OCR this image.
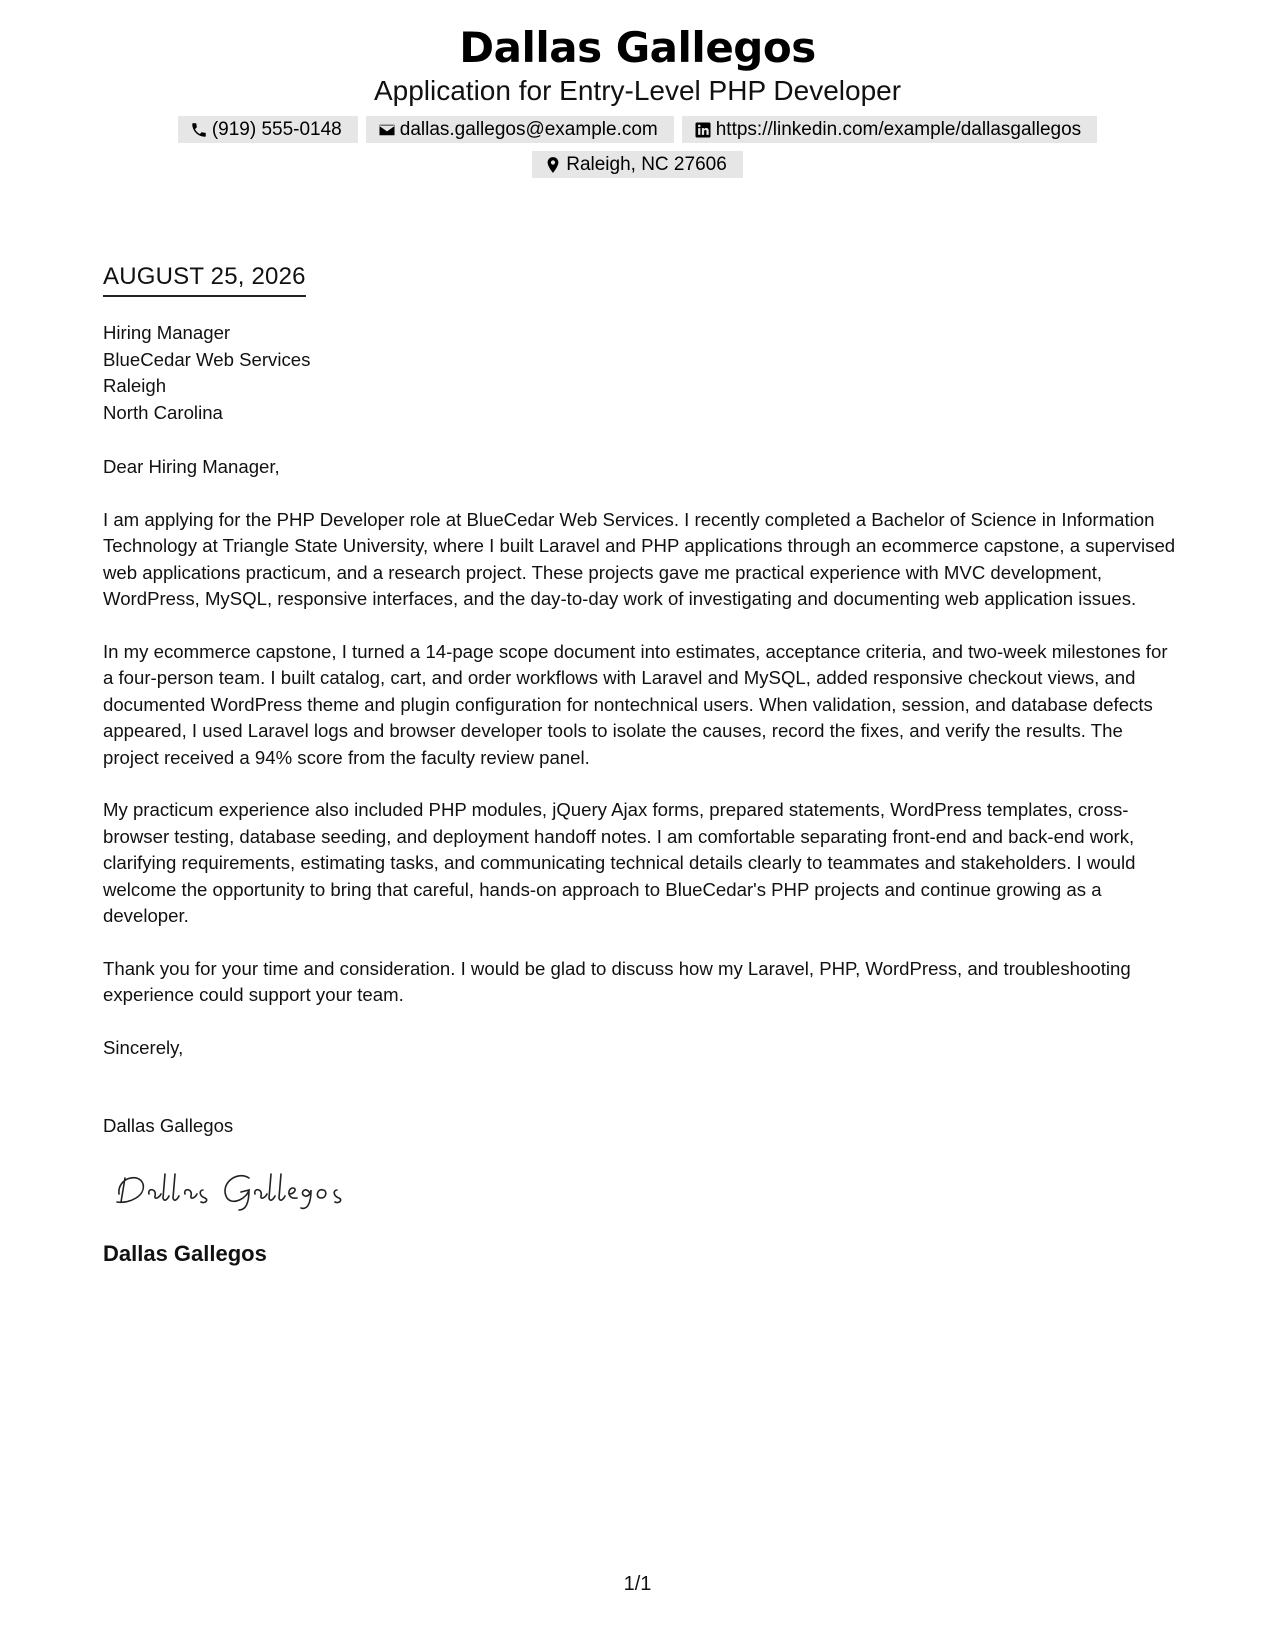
Dallas Gallegos
Application for Entry-Level PHP Developer
(919) 555-0148	dallas.gallegos@example.com	https://linkedin.com/example/dallasgallegos
Raleigh, NC 27606
AUGUST 25, 2026
Hiring Manager
BlueCedar Web Services
Raleigh
North Carolina
Dear Hiring Manager,

I am applying for the PHP Developer role at BlueCedar Web Services. I recently completed a Bachelor of Science in Information Technology at Triangle State University, where I built Laravel and PHP applications through an ecommerce capstone, a supervised web applications practicum, and a research project. These projects gave me practical experience with MVC development, WordPress, MySQL, responsive interfaces, and the day-to-day work of investigating and documenting web application issues.

In my ecommerce capstone, I turned a 14-page scope document into estimates, acceptance criteria, and two-week milestones for a four-person team. I built catalog, cart, and order workflows with Laravel and MySQL, added responsive checkout views, and documented WordPress theme and plugin configuration for nontechnical users. When validation, session, and database defects appeared, I used Laravel logs and browser developer tools to isolate the causes, record the fixes, and verify the results. The project received a 94% score from the faculty review panel.

My practicum experience also included PHP modules, jQuery Ajax forms, prepared statements, WordPress templates, cross-browser testing, database seeding, and deployment handoff notes. I am comfortable separating front-end and back-end work, clarifying requirements, estimating tasks, and communicating technical details clearly to teammates and stakeholders. I would welcome the opportunity to bring that careful, hands-on approach to BlueCedar's PHP projects and continue growing as a developer.

Thank you for your time and consideration. I would be glad to discuss how my Laravel, PHP, WordPress, and troubleshooting experience could support your team.

Sincerely,
Dallas Gallegos
Dallas Gallegos
Dallas Gallegos
1/1
